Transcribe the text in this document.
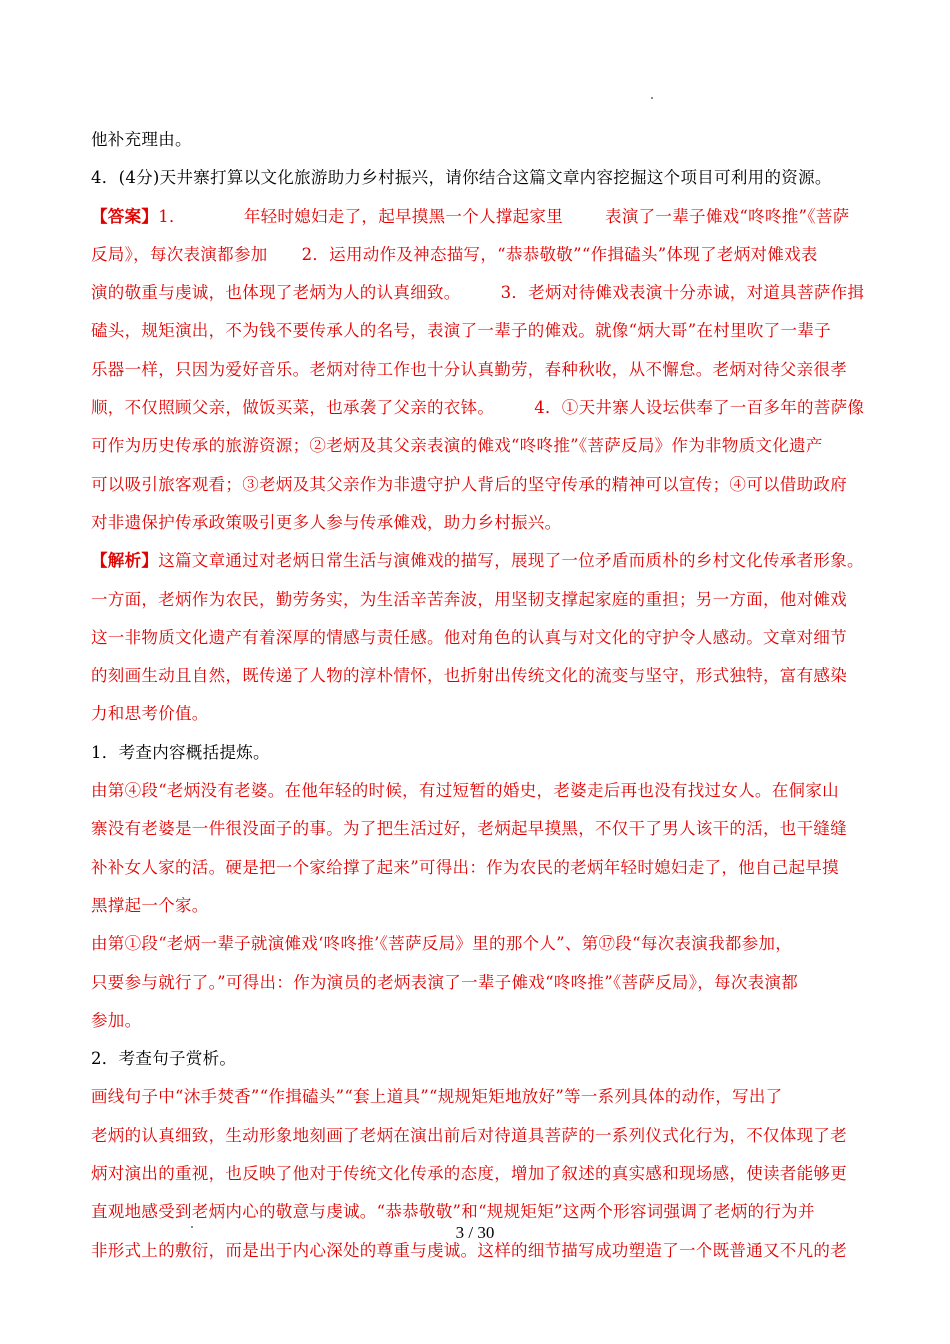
他补充理由。
4．(4分)天井寨打算以文化旅游助力乡村振兴，请你结合这篇文章内容挖掘这个项目可利用的资源。
【答案】1．	年轻时媳妇走了，起早摸黑一个人撑起家里	表演了一辈子傩戏“咚咚推”《菩萨
反局》，每次表演都参加 2．运用动作及神态描写，“恭恭敬敬”“作揖磕头”体现了老炳对傩戏表
演的敬重与虔诚，也体现了老炳为人的认真细致。 3．老炳对待傩戏表演十分赤诚，对道具菩萨作揖
磕头，规矩演出，不为钱不要传承人的名号，表演了一辈子的傩戏。就像“炳大哥”在村里吹了一辈子
乐器一样，只因为爱好音乐。老炳对待工作也十分认真勤劳，春种秋收，从不懈怠。老炳对待父亲很孝
顺，不仅照顾父亲，做饭买菜，也承袭了父亲的衣钵。 4．①天井寨人设坛供奉了一百多年的菩萨像
可作为历史传承的旅游资源；②老炳及其父亲表演的傩戏“咚咚推”《菩萨反局》作为非物质文化遗产
可以吸引旅客观看；③老炳及其父亲作为非遗守护人背后的坚守传承的精神可以宣传；④可以借助政府
对非遗保护传承政策吸引更多人参与传承傩戏，助力乡村振兴。
【解析】这篇文章通过对老炳日常生活与演傩戏的描写，展现了一位矛盾而质朴的乡村文化传承者形象。
一方面，老炳作为农民，勤劳务实，为生活辛苦奔波，用坚韧支撑起家庭的重担；另一方面，他对傩戏
这一非物质文化遗产有着深厚的情感与责任感。他对角色的认真与对文化的守护令人感动。文章对细节
的刻画生动且自然，既传递了人物的淳朴情怀，也折射出传统文化的流变与坚守，形式独特，富有感染
力和思考价值。
1．考查内容概括提炼。
由第④段“老炳没有老婆。在他年轻的时候，有过短暂的婚史，老婆走后再也没有找过女人。在侗家山
寨没有老婆是一件很没面子的事。为了把生活过好，老炳起早摸黑，不仅干了男人该干的活，也干缝缝
补补女人家的活。硬是把一个家给撑了起来”可得出：作为农民的老炳年轻时媳妇走了，他自己起早摸
黑撑起一个家。
由第①段“老炳一辈子就演傩戏‘咚咚推’《菩萨反局》里的那个人”、第⑰段“每次表演我都参加，
只要参与就行了。”可得出：作为演员的老炳表演了一辈子傩戏“咚咚推”《菩萨反局》，每次表演都
参加。
2．考查句子赏析。
画线句子中“沐手焚香”“作揖磕头”“套上道具”“规规矩矩地放好”等一系列具体的动作，写出了
老炳的认真细致，生动形象地刻画了老炳在演出前后对待道具菩萨的一系列仪式化行为，不仅体现了老
炳对演出的重视，也反映了他对于传统文化传承的态度，增加了叙述的真实感和现场感，使读者能够更
直观地感受到老炳内心的敬意与虔诚。“恭恭敬敬”和“规规矩矩”这两个形容词强调了老炳的行为并
非形式上的敷衍，而是出于内心深处的尊重与虔诚。这样的细节描写成功塑造了一个既普通又不凡的老
3 / 30
